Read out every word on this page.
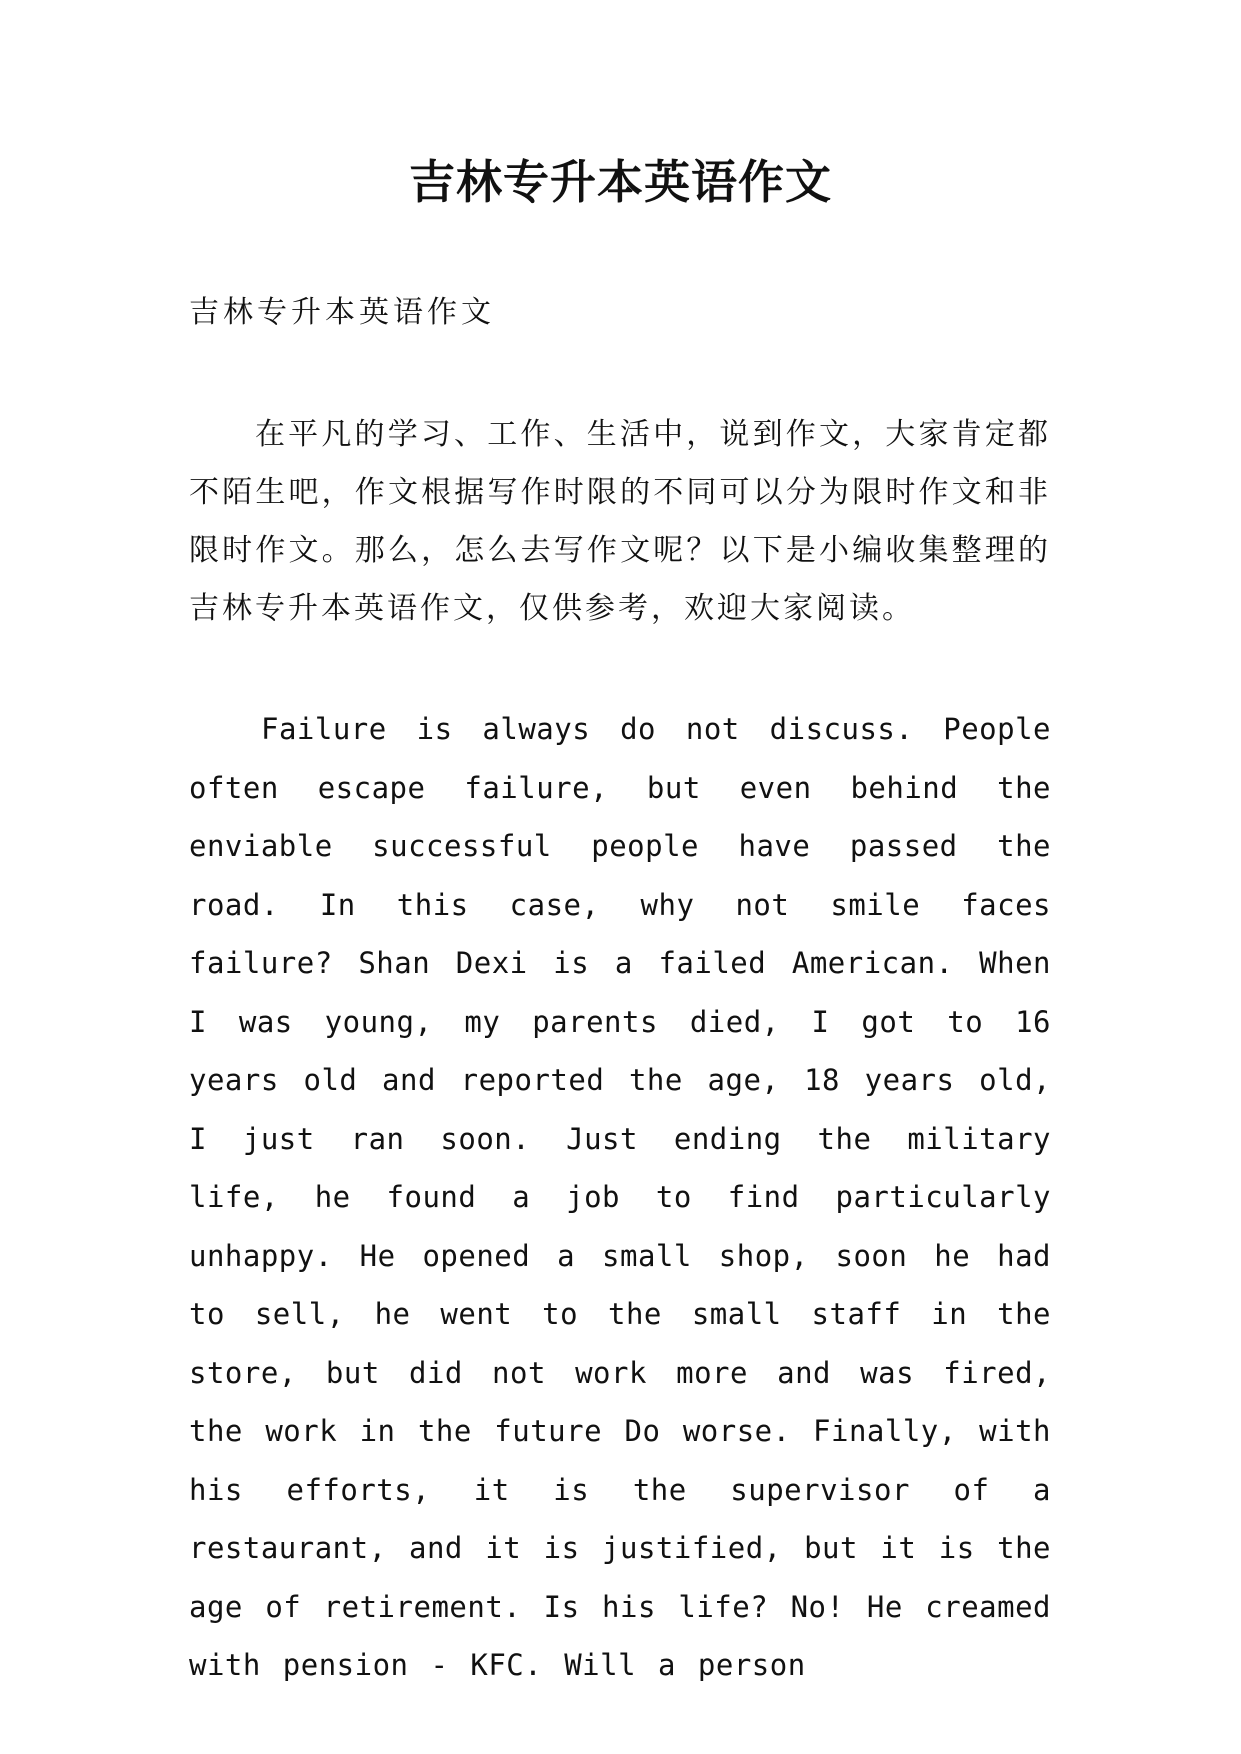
吉林专升本英语作文

吉林专升本英语作文

在平凡的学习、工作、生活中，说到作文，大家肯定都不陌生吧，作文根据写作时限的不同可以分为限时作文和非限时作文。那么，怎么去写作文呢？以下是小编收集整理的吉林专升本英语作文，仅供参考，欢迎大家阅读。

Failure is always do not discuss. People often escape failure, but even behind the enviable successful people have passed the road. In this case, why not smile faces failure? Shan Dexi is a failed American. When I was young, my parents died, I got to 16 years old and reported the age, 18 years old, I just ran soon. Just ending the military life, he found a job to find particularly unhappy. He opened a small shop, soon he had to sell, he went to the small staff in the store, but did not work more and was fired, the work in the future Do worse. Finally, with his efforts, it is the supervisor of a restaurant, and it is justified, but it is the age of retirement. Is his life? No! He creamed with pension - KFC. Will a person
